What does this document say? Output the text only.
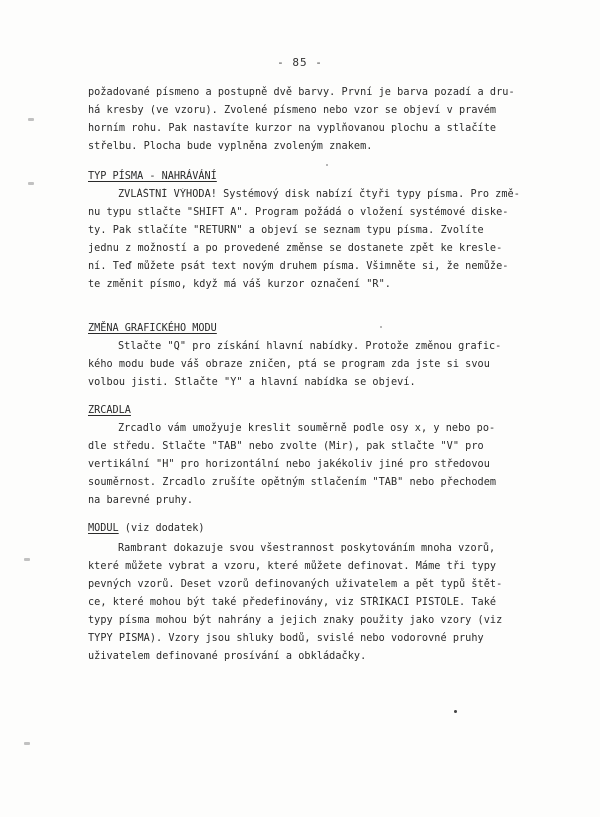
- 85 -
požadované písmeno a postupně dvě barvy. První je barva pozadí a dru-
há kresby (ve vzoru). Zvolené písmeno nebo vzor se objeví v pravém
horním rohu. Pak nastavíte kurzor na vyplňovanou plochu a stlačíte
střelbu. Plocha bude vyplněna zvoleným znakem.
TYP PÍSMA - NAHRÁVÁNÍ
ZVLÁŠTNÍ VÝHODA! Systémový disk nabízí čtyři typy písma. Pro změ-
nu typu stlačte "SHIFT A". Program požádá o vložení systémové diske-
ty. Pak stlačíte "RETURN" a objeví se seznam typu písma. Zvolíte
jednu z možností a po provedené změnse se dostanete zpět ke kresle-
ní. Teď můžete psát text novým druhem písma. Všimněte si, že nemůže-
te změnit písmo, když má váš kurzor označení "R".
ZMĚNA GRAFICKÉHO MODU
Stlačte "Q" pro získání hlavní nabídky. Protože změnou grafic-
kého modu bude váš obraze zničen, ptá se program zda jste si svou
volbou jisti. Stlačte "Y" a hlavní nabídka se objeví.
ZRCADLA
Zrcadlo vám umožyuje kreslit souměrně podle osy x, y nebo po-
dle středu. Stlačte "TAB" nebo zvolte (Mir), pak stlačte "V" pro
vertikální "H" pro horizontální nebo jakékoliv jiné pro středovou
souměrnost. Zrcadlo zrušíte opětným stlačením "TAB" nebo přechodem
na barevné pruhy.
MODUL (viz dodatek)
Rambrant dokazuje svou všestrannost poskytováním mnoha vzorů,
které můžete vybrat a vzoru, které můžete definovat. Máme tři typy
pevných vzorů. Deset vzorů definovaných uživatelem a pět typů štět-
ce, které mohou být také předefinovány, viz STŘÍKACÍ PISTOLE. Také
typy písma mohou být nahrány a jejich znaky použity jako vzory (viz
TYPY PÍSMA). Vzory jsou shluky bodů, svislé nebo vodorovné pruhy
uživatelem definované prosívání a obkládačky.
